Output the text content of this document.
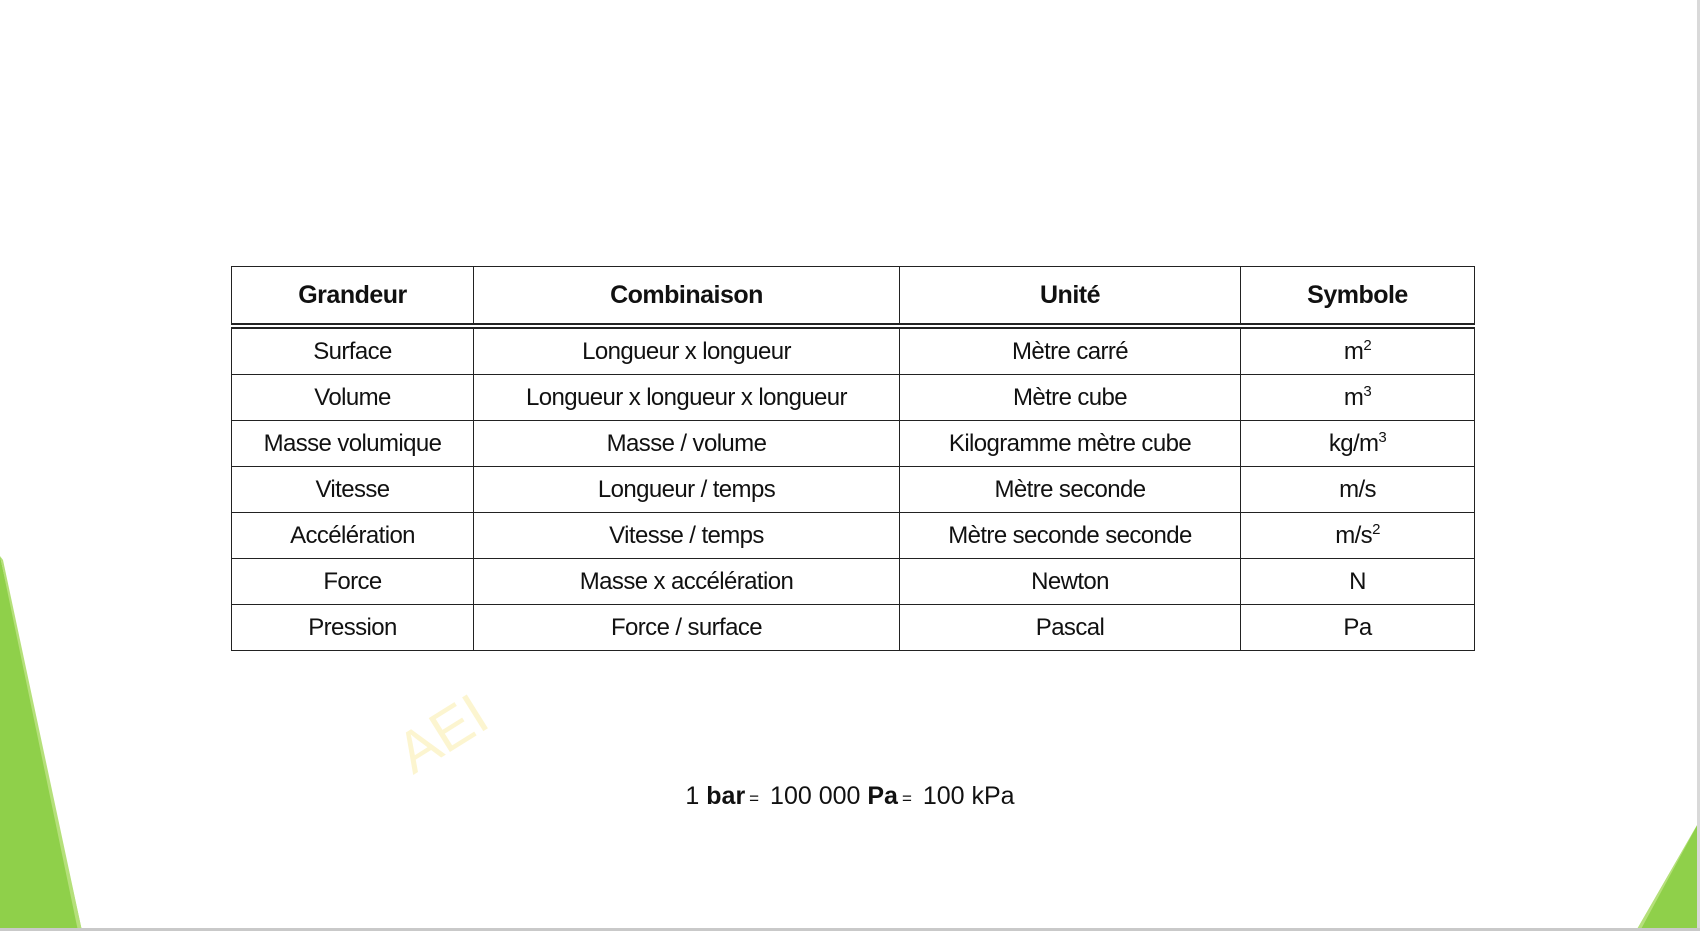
AEI
Grandeur	Combinaison	Unité	Symbole
Surface	Longueur x longueur	Mètre carré	$m^2$
Volume	Longueur x longueur x longueur	Mètre cube	$m^3$
Masse volumique	Masse / volume	Kilogramme mètre cube	$kg/m^3$
Vitesse	Longueur / temps	Mètre seconde	m/s
Accélération	Vitesse / temps	Mètre seconde seconde	$m/s^2$
Force	Masse x accélération	Newton	N
Pression	Force / surface	Pascal	Pa
1 bar = 100 000 Pa = 100 kPa
